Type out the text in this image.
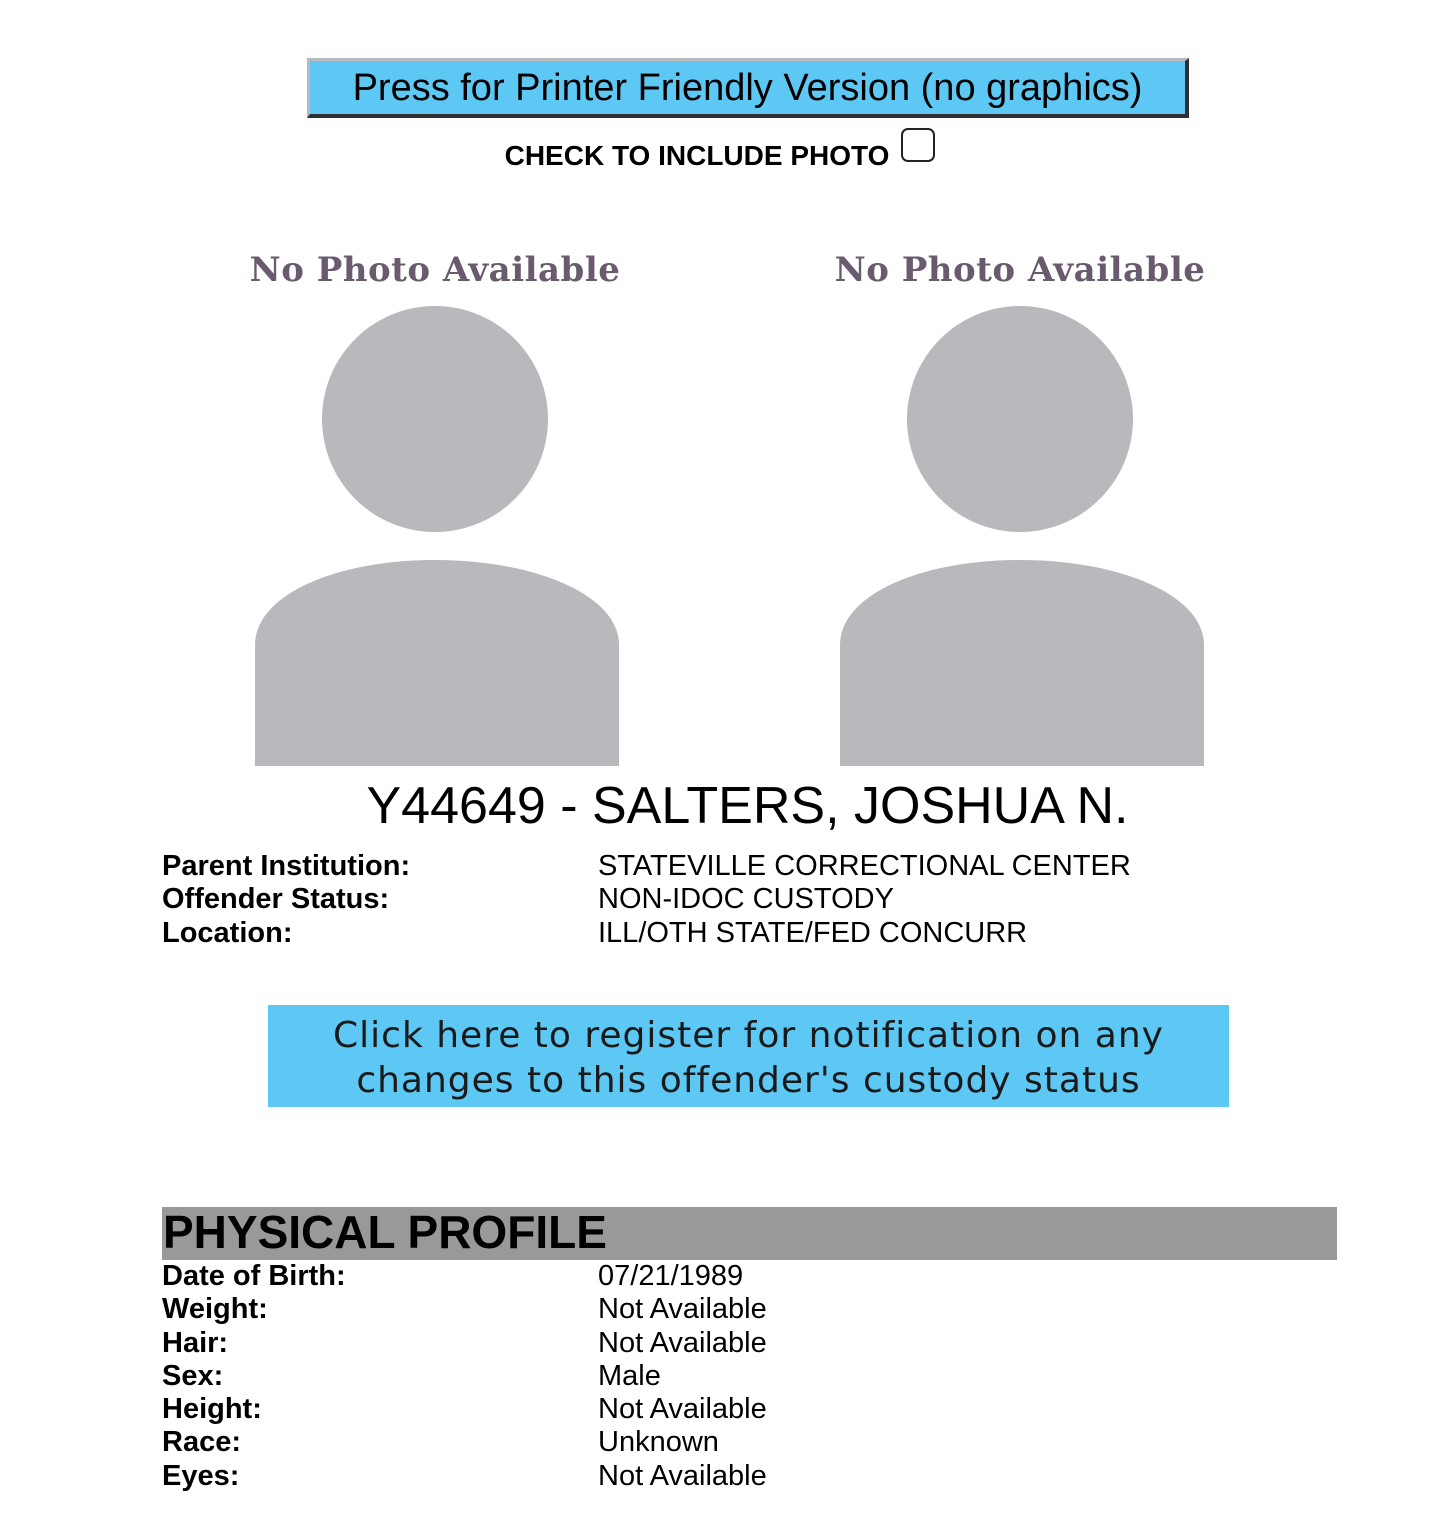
Press for Printer Friendly Version (no graphics)
CHECK TO INCLUDE PHOTO
No Photo Available	No Photo Available
Y44649 - SALTERS, JOSHUA N.
Parent Institution:	STATEVILLE CORRECTIONAL CENTER
Offender Status:	NON-IDOC CUSTODY
Location:	ILL/OTH STATE/FED CONCURR
Click here to register for notification on any
changes to this offender's custody status
PHYSICAL PROFILE
Date of Birth:	07/21/1989
Weight:	Not Available
Hair:	Not Available
Sex:	Male
Height:	Not Available
Race:	Unknown
Eyes:	Not Available
